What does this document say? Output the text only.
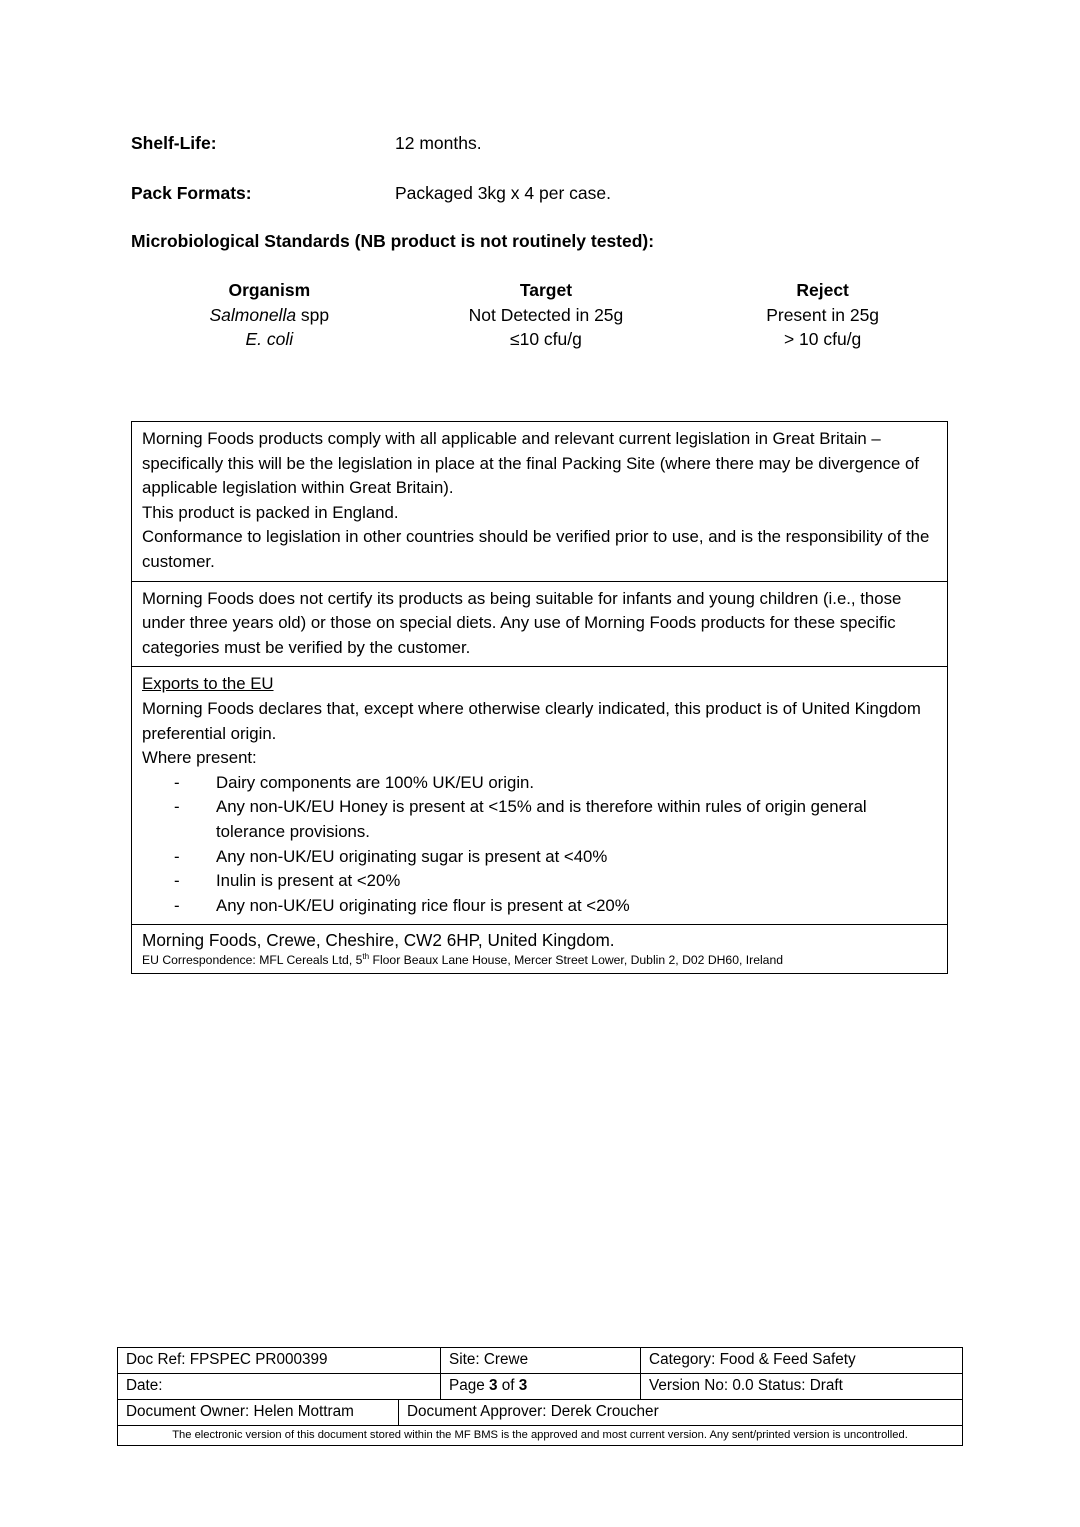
Shelf-Life:	12 months.
Pack Formats:	Packaged 3kg x 4 per case.
Microbiological Standards (NB product is not routinely tested):
Organism	Target	Reject
Salmonella spp	Not Detected in 25g	Present in 25g
E. coli	≤10 cfu/g	> 10 cfu/g

Morning Foods products comply with all applicable and relevant current legislation in Great Britain – specifically this will be the legislation in place at the final Packing Site (where there may be divergence of applicable legislation within Great Britain).

This product is packed in England.

Conformance to legislation in other countries should be verified prior to use, and is the responsibility of the customer.

Morning Foods does not certify its products as being suitable for infants and young children (i.e., those under three years old) or those on special diets. Any use of Morning Foods products for these specific categories must be verified by the customer.

Exports to the EU

Morning Foods declares that, except where otherwise clearly indicated, this product is of United Kingdom preferential origin.

Where present:

- Dairy components are 100% UK/EU origin.
- Any non-UK/EU Honey is present at <15% and is therefore within rules of origin general tolerance provisions.
- Any non-UK/EU originating sugar is present at <40%
- Inulin is present at <20%
- Any non-UK/EU originating rice flour is present at <20%

Morning Foods, Crewe, Cheshire, CW2 6HP, United Kingdom.

EU Correspondence: MFL Cereals Ltd, 5th Floor Beaux Lane House, Mercer Street Lower, Dublin 2, D02 DH60, Ireland

Doc Ref: FPSPEC PR000399		Site: Crewe	Category: Food & Feed Safety
Date:		Page 3 of 3	Version No: 0.0 Status: Draft
Document Owner: Helen Mottram	Document Approver: Derek Croucher		
The electronic version of this document stored within the MF BMS is the approved and most current version. Any sent/printed version is uncontrolled.			
